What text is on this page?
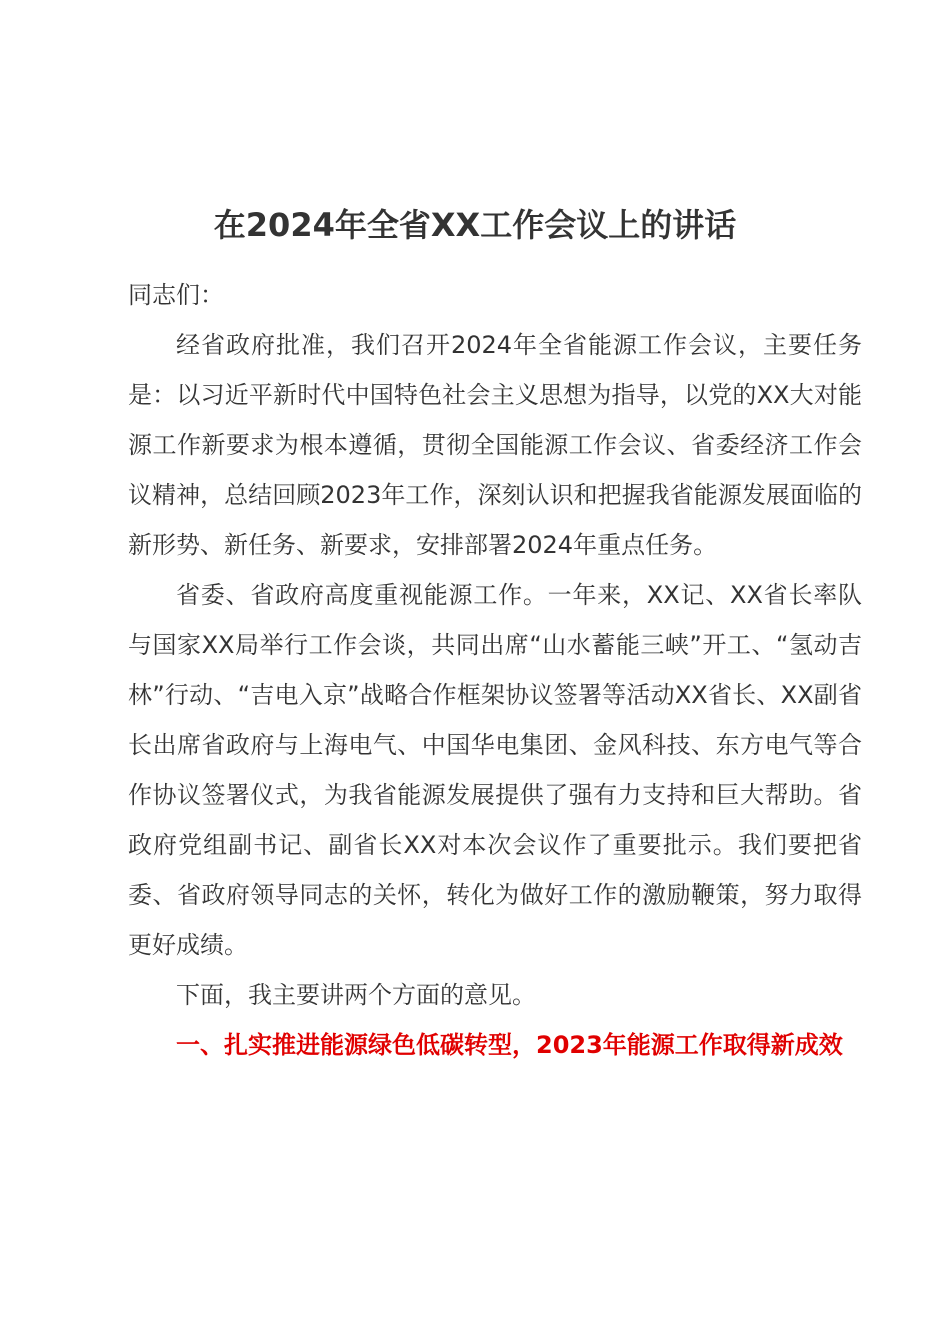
在2024年全省XX工作会议上的讲话

同志们：

经省政府批准，我们召开2024年全省能源工作会议，主要任务是：以习近平新时代中国特色社会主义思想为指导，以党的XX大对能源工作新要求为根本遵循，贯彻全国能源工作会议、省委经济工作会议精神，总结回顾2023年工作，深刻认识和把握我省能源发展面临的新形势、新任务、新要求，安排部署2024年重点任务。

省委、省政府高度重视能源工作。一年来，XX记、XX省长率队与国家XX局举行工作会谈，共同出席“山水蓄能三峡”开工、“氢动吉林”行动、“吉电入京”战略合作框架协议签署等活动XX省长、XX副省长出席省政府与上海电气、中国华电集团、金风科技、东方电气等合作协议签署仪式，为我省能源发展提供了强有力支持和巨大帮助。省政府党组副书记、副省长XX对本次会议作了重要批示。我们要把省委、省政府领导同志的关怀，转化为做好工作的激励鞭策，努力取得更好成绩。

下面，我主要讲两个方面的意见。

一、扎实推进能源绿色低碳转型，2023年能源工作取得新成效
